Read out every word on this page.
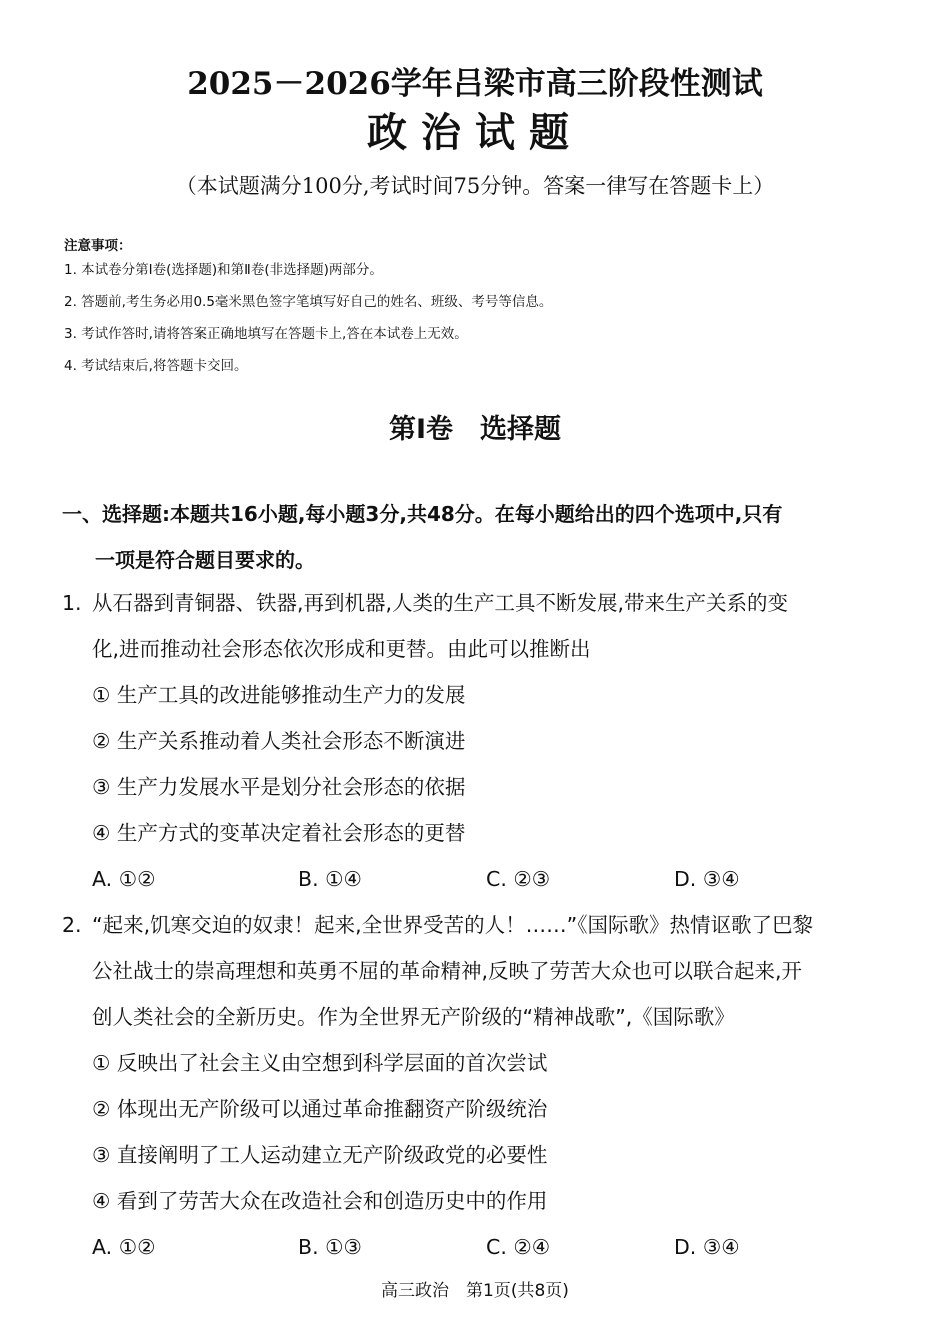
2025－2026学年吕梁市高三阶段性测试
政治试题
（本试题满分100分,考试时间75分钟。答案一律写在答题卡上）
注意事项：
1. 本试卷分第Ⅰ卷(选择题)和第Ⅱ卷(非选择题)两部分。
2. 答题前,考生务必用0.5毫米黑色签字笔填写好自己的姓名、班级、考号等信息。
3. 考试作答时,请将答案正确地填写在答题卡上,答在本试卷上无效。
4. 考试结束后,将答题卡交回。
第Ⅰ卷　选择题
一、选择题:本题共16小题,每小题3分,共48分。在每小题给出的四个选项中,只有
一项是符合题目要求的。
1. 从石器到青铜器、铁器,再到机器,人类的生产工具不断发展,带来生产关系的变
化,进而推动社会形态依次形成和更替。由此可以推断出
① 生产工具的改进能够推动生产力的发展
② 生产关系推动着人类社会形态不断演进
③ 生产力发展水平是划分社会形态的依据
④ 生产方式的变革决定着社会形态的更替
A. ①②	B. ①④	C. ②③	D. ③④
2. “起来,饥寒交迫的奴隶！起来,全世界受苦的人！……”《国际歌》热情讴歌了巴黎
公社战士的崇高理想和英勇不屈的革命精神,反映了劳苦大众也可以联合起来,开
创人类社会的全新历史。作为全世界无产阶级的“精神战歌”,《国际歌》
① 反映出了社会主义由空想到科学层面的首次尝试
② 体现出无产阶级可以通过革命推翻资产阶级统治
③ 直接阐明了工人运动建立无产阶级政党的必要性
④ 看到了劳苦大众在改造社会和创造历史中的作用
A. ①②	B. ①③	C. ②④	D. ③④
高三政治　第1页(共8页)
